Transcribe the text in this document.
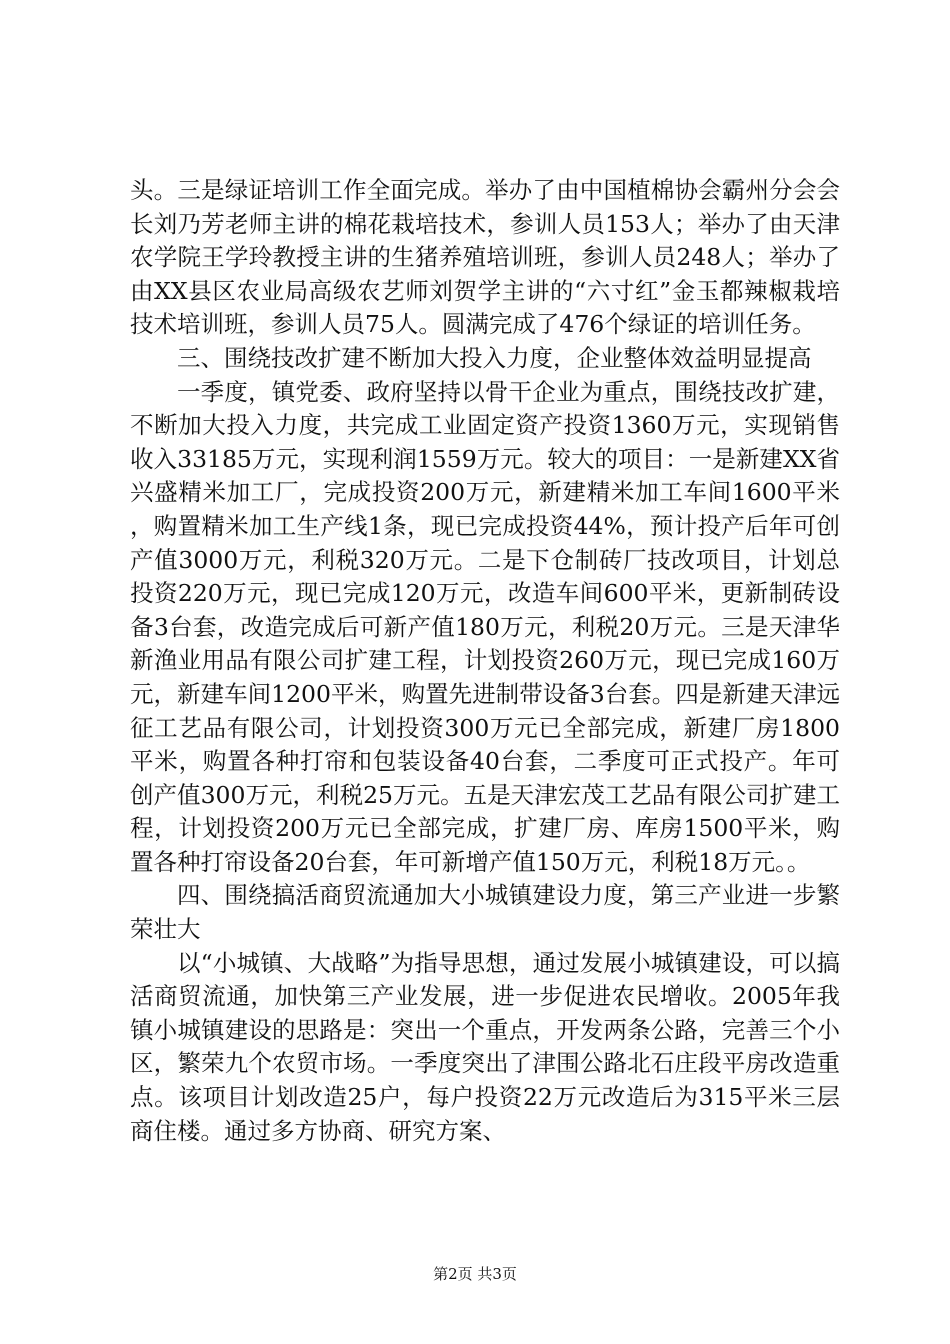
头。三是绿证培训工作全面完成。举办了由中国植棉协会霸州分会会长刘乃芳老师主讲的棉花栽培技术，参训人员153人；举办了由天津农学院王学玲教授主讲的生猪养殖培训班，参训人员248人；举办了由XX县区农业局高级农艺师刘贺学主讲的“六寸红”金玉都辣椒栽培技术培训班，参训人员75人。圆满完成了476个绿证的培训任务。

三、围绕技改扩建不断加大投入力度，企业整体效益明显提高

一季度，镇党委、政府坚持以骨干企业为重点，围绕技改扩建，不断加大投入力度，共完成工业固定资产投资1360万元，实现销售收入33185万元，实现利润1559万元。较大的项目：一是新建XX省兴盛精米加工厂，完成投资200万元，新建精米加工车间1600平米，购置精米加工生产线1条，现已完成投资44%，预计投产后年可创产值3000万元，利税320万元。二是下仓制砖厂技改项目，计划总投资220万元，现已完成120万元，改造车间600平米，更新制砖设备3台套，改造完成后可新产值180万元，利税20万元。三是天津华新渔业用品有限公司扩建工程，计划投资260万元，现已完成160万元，新建车间1200平米，购置先进制带设备3台套。四是新建天津远征工艺品有限公司，计划投资300万元已全部完成，新建厂房1800平米，购置各种打帘和包装设备40台套，二季度可正式投产。年可创产值300万元，利税25万元。五是天津宏茂工艺品有限公司扩建工程，计划投资200万元已全部完成，扩建厂房、库房1500平米，购置各种打帘设备20台套，年可新增产值150万元，利税18万元。。

四、围绕搞活商贸流通加大小城镇建设力度，第三产业进一步繁荣壮大

以“小城镇、大战略”为指导思想，通过发展小城镇建设，可以搞活商贸流通，加快第三产业发展，进一步促进农民增收。2005年我镇小城镇建设的思路是：突出一个重点，开发两条公路，完善三个小区，繁荣九个农贸市场。一季度突出了津围公路北石庄段平房改造重点。该项目计划改造25户，每户投资22万元改造后为315平米三层商住楼。通过多方协商、研究方案、

第2页 共3页
